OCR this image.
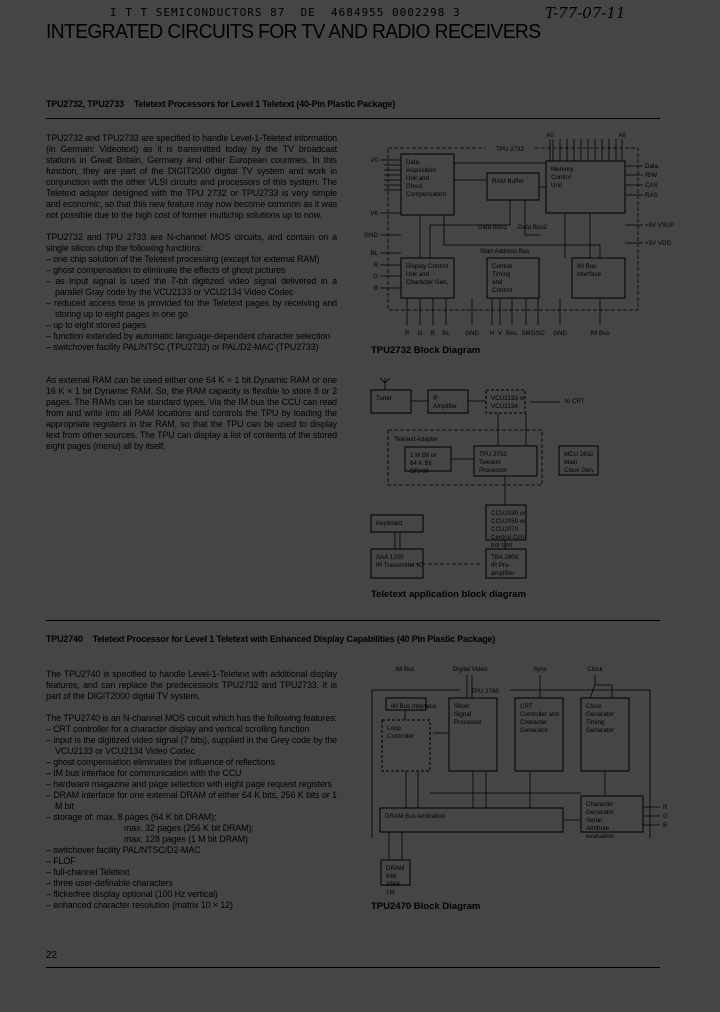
I T T SEMICONDUCTORS 87  DE  4684955 0002298 3	T-77-07-11
INTEGRATED CIRCUITS FOR TV AND RADIO RECEIVERS
TPU2732, TPU2733 Teletext Processors for Level 1 Teletext (40-Pin Plastic Package)

TPU2732 and TPU2733 are specified to handle Level-1-Teletext information (in German: Videotext) as it is transmitted today by the TV broadcast stations in Great Britain, Germany and other European countries. In this function, they are part of the DIGIT2000 digital TV system and work in conjunction with the other VLSI circuits and processors of this system. The Teletext adapter designed with the TPU 2732 or TPU2733 is very simple and economic, so that this new feature may now become common as it was not possible due to the high cost of former multichip solutions up to now.

TPU2732 and TPU 2733 are N-channel MOS circuits, and contain on a single silicon chip the following functions:

– one chip solution of the Teletext processing (except for external RAM)
– ghost compensation to eliminate the effects of ghost pictures
– as input signal is used the 7-bit digitized video signal delivered in a parallel Gray code by the VCU2133 or VCU2134 Video Codec
– reduced access time is provided for the Teletext pages by receiving and storing up to eight pages in one go
– up to eight stored pages
– function extended by automatic language-dependent character selection
– switchover facility PAL/NTSC (TPU2732) or PAL/D2-MAC (TPU2733)

As external RAM can be used either one 64 K × 1 bit Dynamic RAM or one 16 K × 1 bit Dynamic RAM. So, the RAM capacity is flexible to store 8 or 2 pages. The RAMs can be standard types. Via the IM bus the CCU can read from and write into all RAM locations and controls the TPU by loading the appropriate registers in the RAM, so that the TPU can be used to display text from other sources. The TPU can display a list of contents of the stored eight pages (menu) all by itself.

TPU 2732
Data
Acquisition
Unit and
Ghost
Compensation
RAM Buffer
Memory
Control
Unit
Display Control
Unit and
Character Gen.
Central
Timing
and
Control
IM Bus
Interface
Data Bus1 Data Bus2
Start Address Bus
A0	A8
V0
V6
GND
BL
R
G
B
Data
R/W
CAS
RAS
+5V VSUP
+5V VDD
R G B BL GND H V Res. SM DSO GND	IM Bus
TPU2732 Block Diagram
Tuner	IF
Amplifier
VCU2133 or
VCU2134
1 M Bit or
64 K Bit
DRAM
TPU 2732
Teletext
Processor
MCU 2632
Main
Clock Gen.
CCU2030 or
CCU2050 or
CCU2070
Central Con-
trol Unit
Keyboard
SAA 1250
IR Transmitter IC
TBA 2800
IR Pre-
amplifier
Teletext Adapter
to CRT
Teletext application block diagram
TPU2740 Teletext Processor for Level 1 Teletext with Enhanced Display Capabilities (40 Pin Plastic Package)

The TPU2740 is specified to handle Level-1-Teletext with additional display features, and can replace the predecessors TPU2732 and TPU2733. It is part of the DIGIT2000 digital TV system.

The TPU2740 is an N-channel MOS circuit which has the following features:

– CRT controller for a character display and vertical scrolling function
– input is the digitized video signal (7 bits), supplied in the Grey code by the VCU2133 or VCU2134 Video Codec
– ghost compensation eliminates the influence of reflections
– IM bus interface for communication with the CCU
– hardware magazine and page selection with eight page request registers
– DRAM interface for one external DRAM of either 64 K bits, 256 K bits or 1 M bit
– storage of: max. 8 pages (64 K bit DRAM);
max. 32 pages (256 K bit DRAM);
max. 128 pages (1 M bit DRAM)
– switchover facility PAL/NTSC/D2-MAC
– FLOF
– full-channel Teletext
– three user-definable characters
– flickerfree display optional (100 Hz vertical)
– enhanced character resolution (matrix 10 × 12)
IM Bus Interface
Loop
Controller
Slicer
Signal
Processor
CRT
Controller and
Character
Generator
Clock
Generator
Timing
Generator
DRAM Bus Arbitration
Character
Generator
Serial
Attribute
evaluation
DRAM
64K
256K
1M
TPU 2740
IM Bus	Digital Video	Sync	Clock
R
G
B
TPU2470 Block Diagram
22
